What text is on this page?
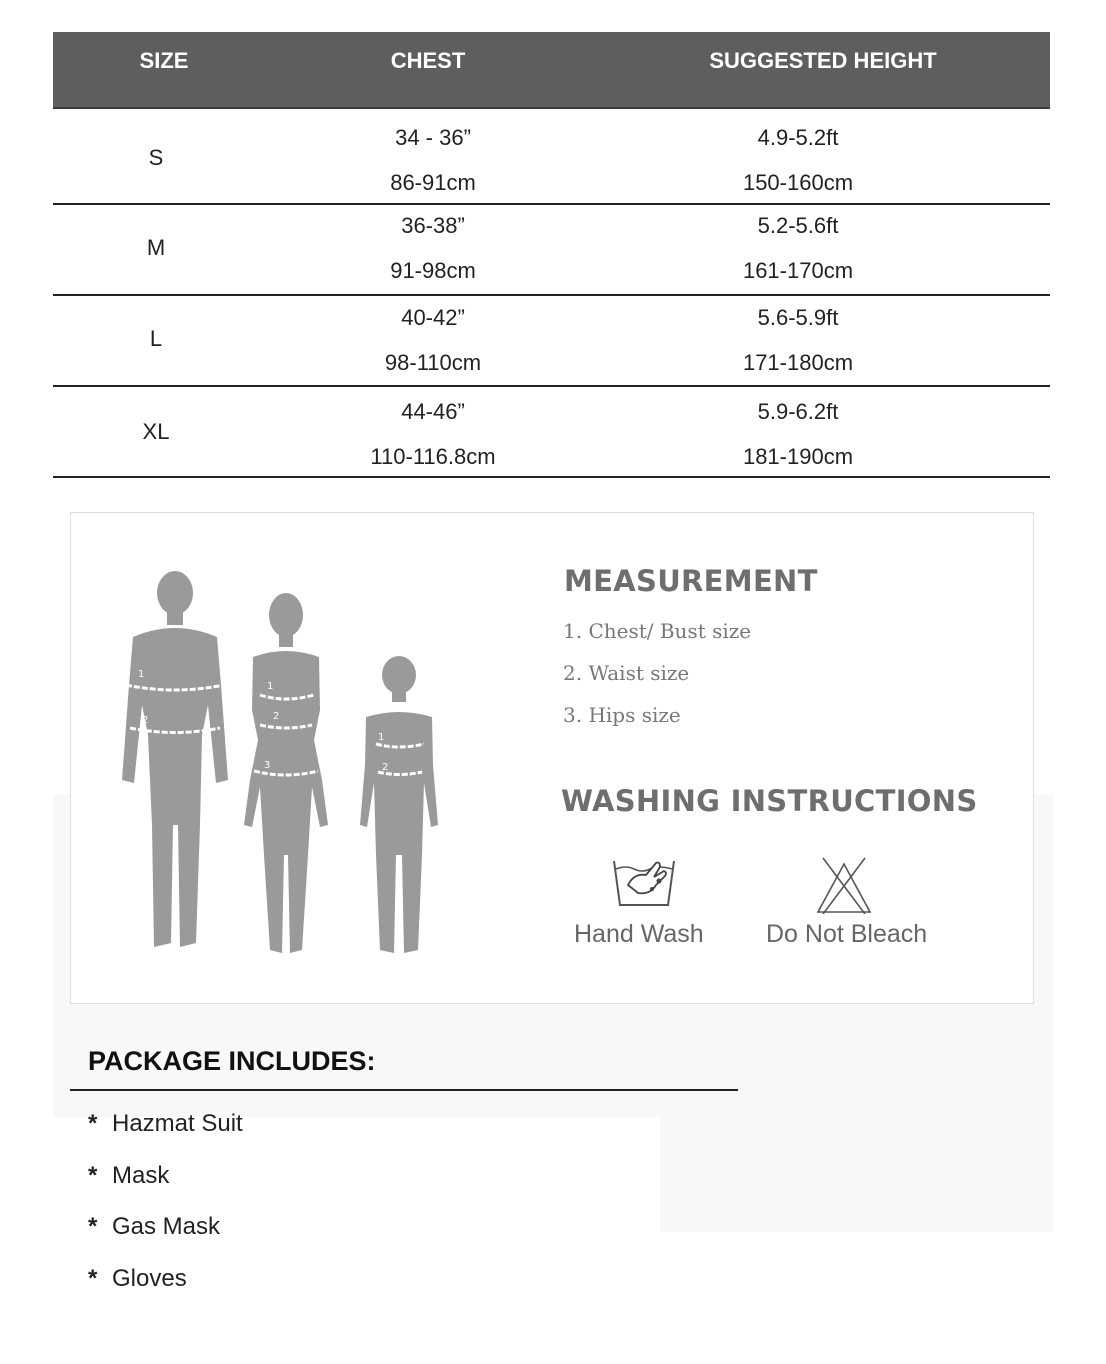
SIZE	CHEST	SUGGESTED HEIGHT
S
34 - 36”
86-91cm
4.9-5.2ft
150-160cm
M
36-38”
91-98cm
5.2-5.6ft
161-170cm
L
40-42”
98-110cm
5.6-5.9ft
171-180cm
XL
44-46”
110-116.8cm
5.9-6.2ft
181-190cm
1
2
1
2
3
1
2
MEASUREMENT
1. Chest/ Bust size
2. Waist size
3. Hips size
WASHING INSTRUCTIONS
Hand Wash Do Not Bleach
PACKAGE INCLUDES:
* Hazmat Suit
* Mask
* Gas Mask
* Gloves
